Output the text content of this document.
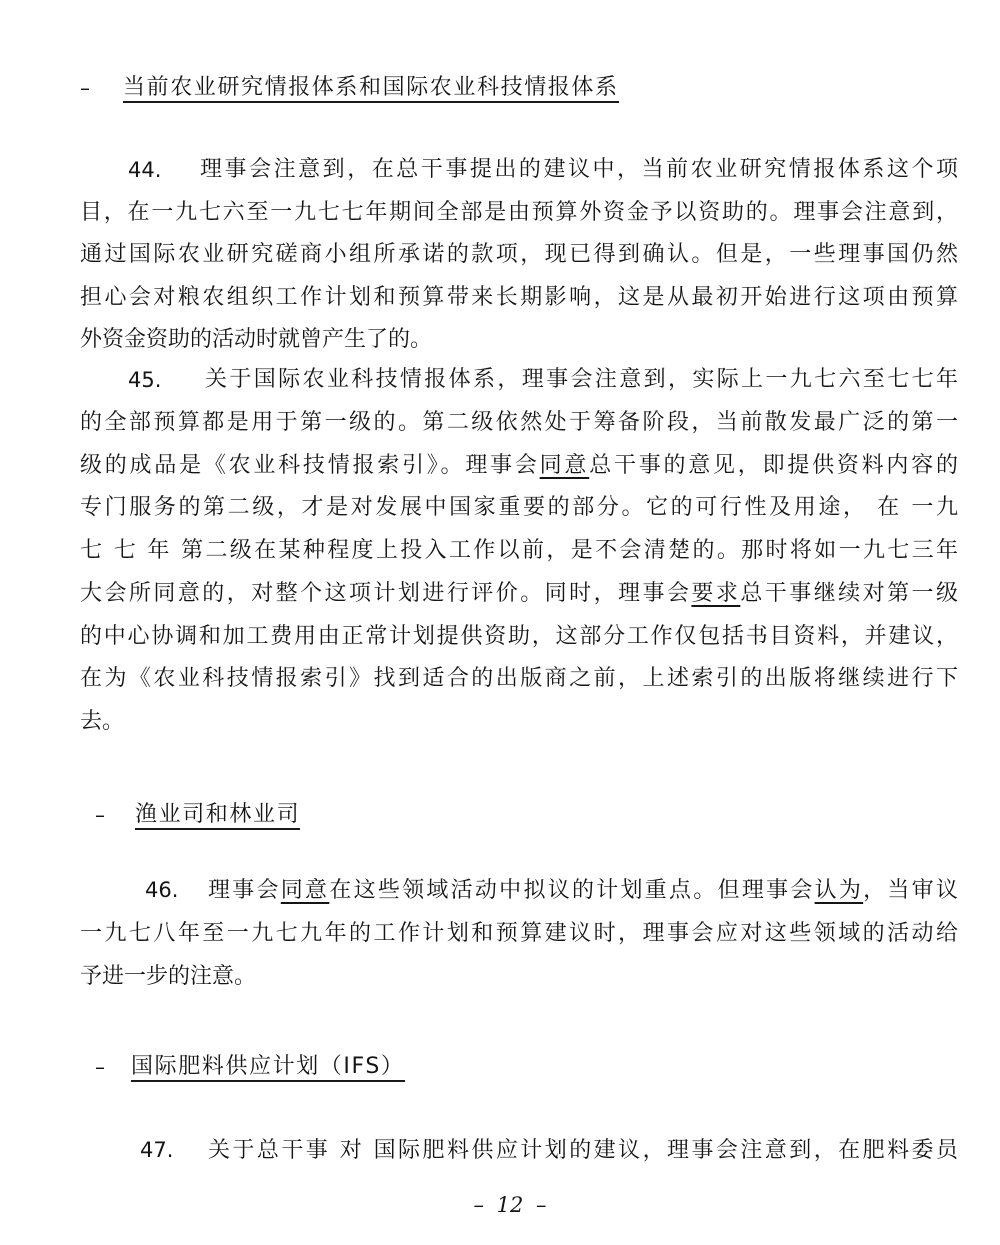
– 当前农业研究情报体系和国际农业科技情报体系
44. 理事会注意到，在总干事提出的建议中，当前农业研究情报体系这个项
目，在一九七六至一九七七年期间全部是由预算外资金予以资助的。理事会注意到，
通过国际农业研究磋商小组所承诺的款项，现已得到确认。但是，一些理事国仍然
担心会对粮农组织工作计划和预算带来长期影响，这是从最初开始进行这项由预算
外资金资助的活动时就曾产生了的。
45. 关于国际农业科技情报体系，理事会注意到，实际上一九七六至七七年
的全部预算都是用于第一级的。第二级依然处于筹备阶段，当前散发最广泛的第一
级的成品是《农业科技情报索引》。理事会同意总干事的意见，即提供资料内容的
专门服务的第二级，才是对发展中国家重要的部分。它的可行性及用途， 在 一九
七 七 年 第二级在某种程度上投入工作以前，是不会清楚的。那时将如一九七三年
大会所同意的，对整个这项计划进行评价。同时，理事会要求总干事继续对第一级
的中心协调和加工费用由正常计划提供资助，这部分工作仅包括书目资料，并建议，
在为《农业科技情报索引》找到适合的出版商之前，上述索引的出版将继续进行下
去。
– 渔业司和林业司
46. 理事会同意在这些领域活动中拟议的计划重点。但理事会认为，当审议
一九七八年至一九七九年的工作计划和预算建议时，理事会应对这些领域的活动给
予进一步的注意。
– 国际肥料供应计划（IFS）
47. 关于总干事 对 国际肥料供应计划的建议，理事会注意到，在肥料委员
– 12 –
